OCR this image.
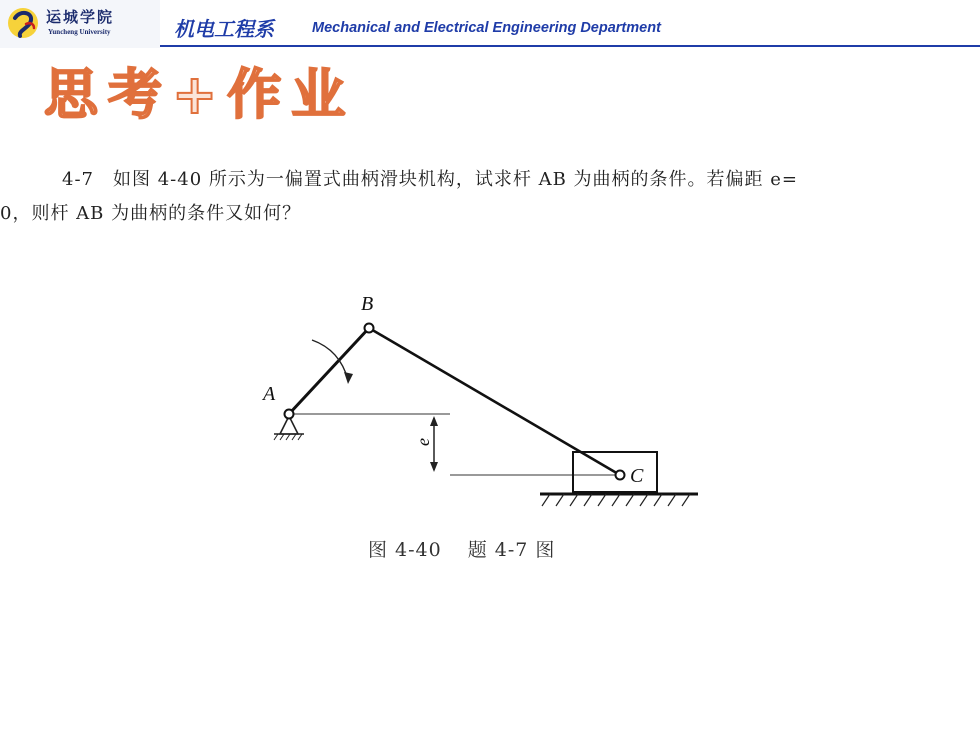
运城学院
Yuncheng University	机电工程系	Mechanical and Electrical Engineering Department
思考+作业
4-7　如图 4-40 所示为一偏置式曲柄滑块机构，试求杆 AB 为曲柄的条件。若偏距 e=
0，则杆 AB 为曲柄的条件又如何？
A
B
C
e
图 4-40 题 4-7 图
